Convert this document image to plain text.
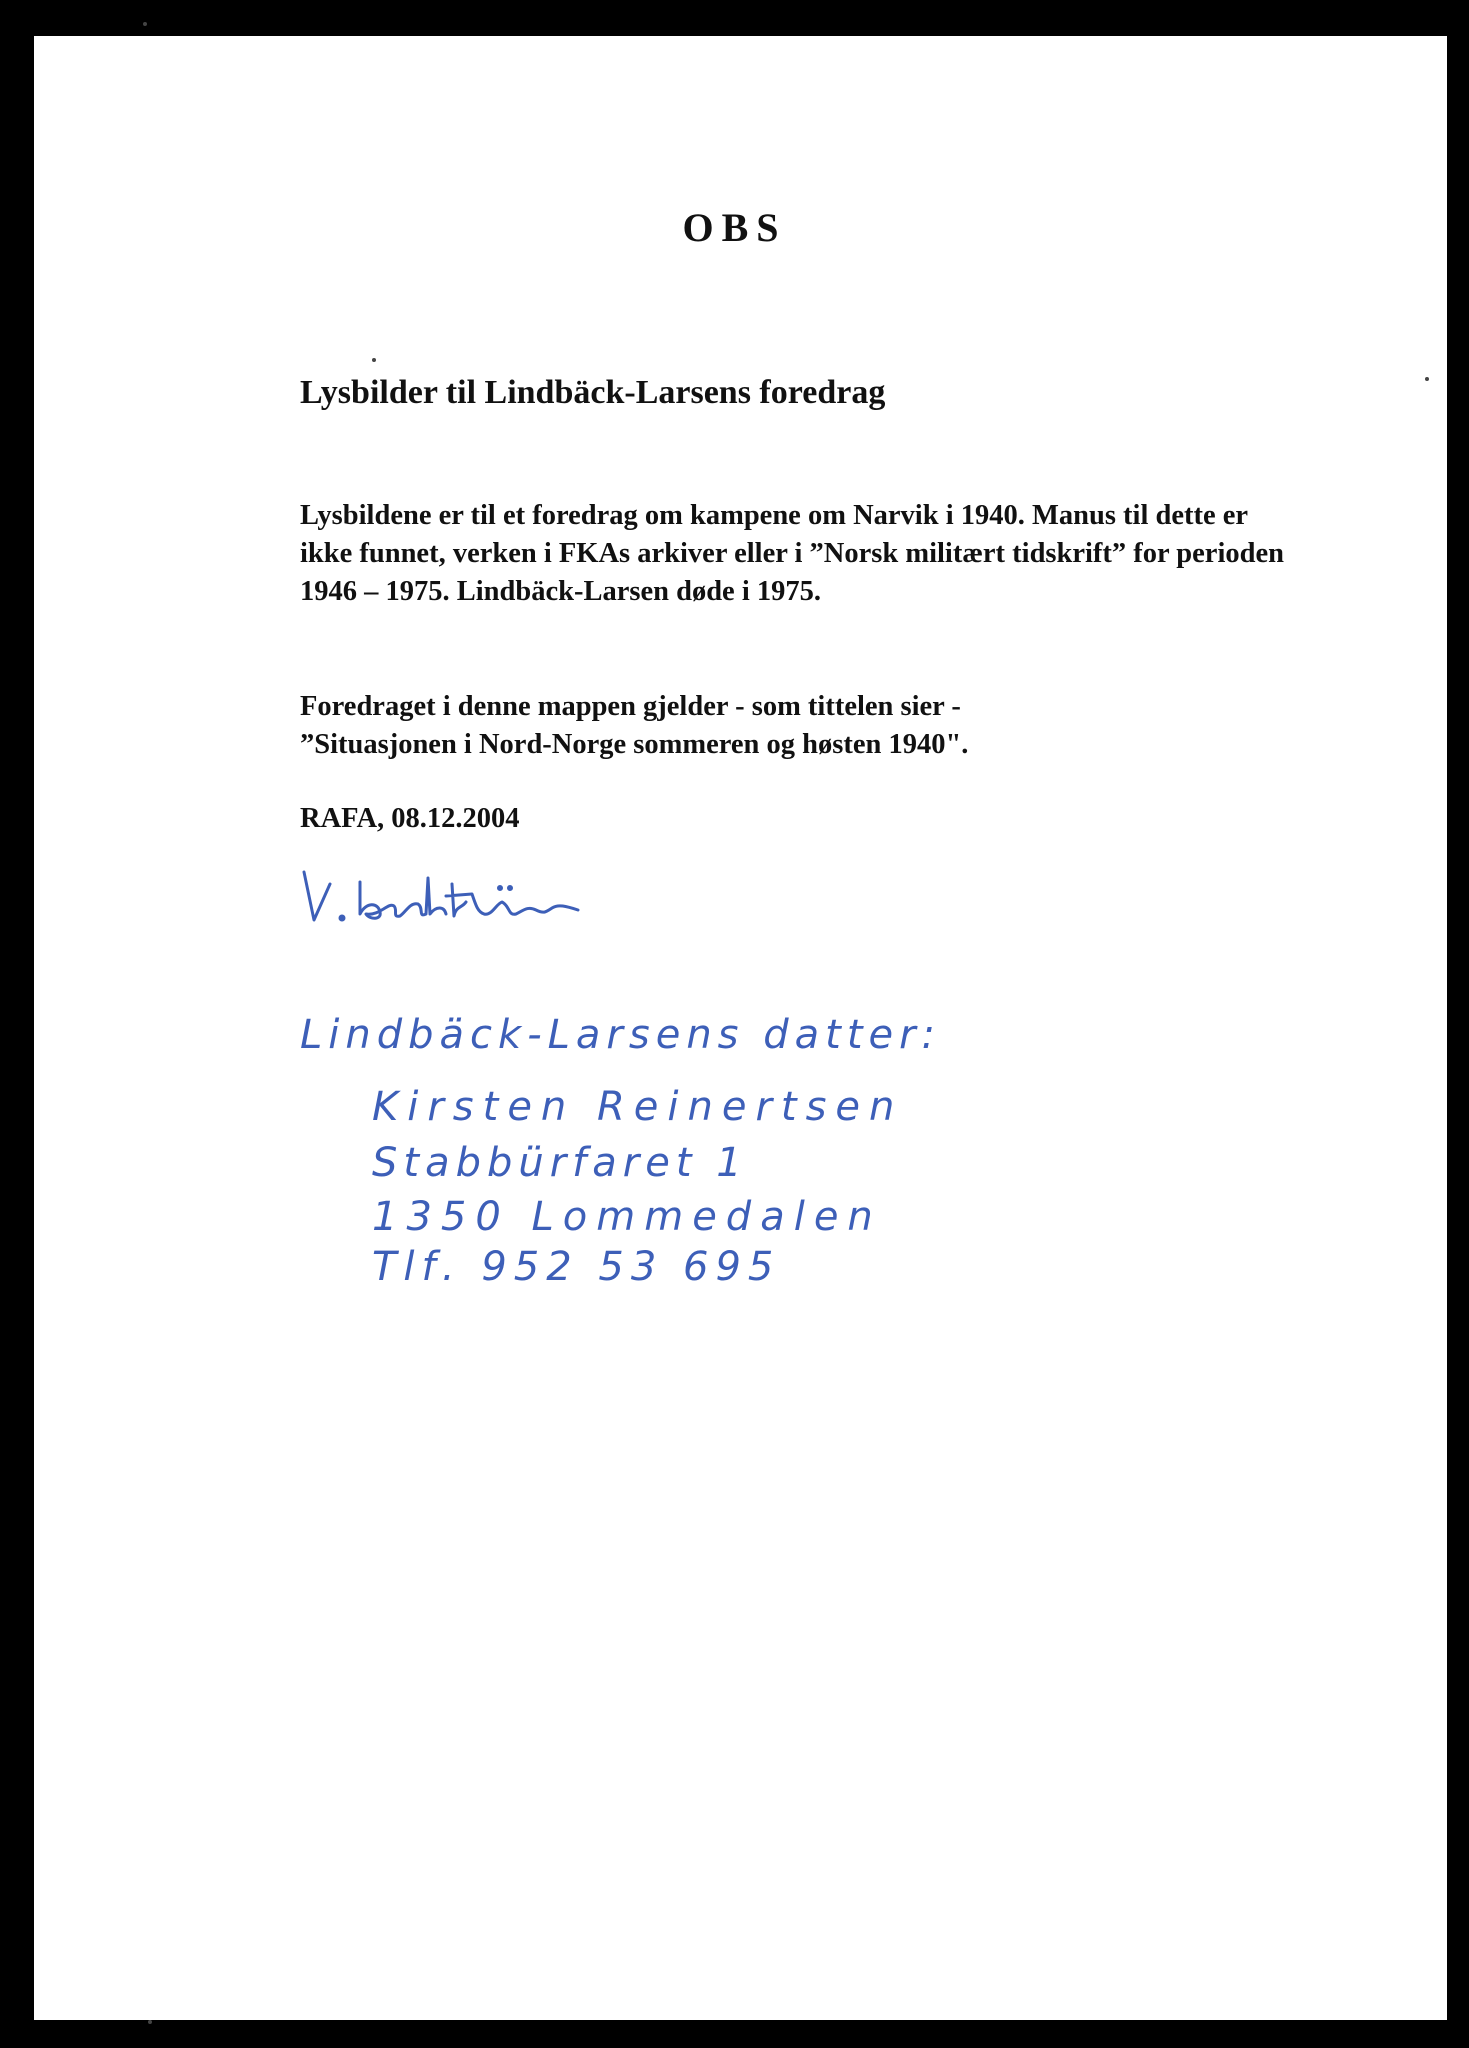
OBS
Lysbilder til Lindbäck-Larsens foredrag

Lysbildene er til et foredrag om kampene om Narvik i 1940. Manus til dette er ikke funnet, verken i FKAs arkiver eller i ”Norsk militært tidskrift” for perioden 1946 – 1975. Lindbäck-Larsen døde i 1975.

Foredraget i denne mappen gjelder - som tittelen sier -
”Situasjonen i Nord-Norge sommeren og høsten 1940".

RAFA, 08.12.2004

Lindbäck-Larsens datter:
Kirsten Reinertsen
Stabbürfaret 1
1350 Lommedalen
Tlf. 952 53 695
